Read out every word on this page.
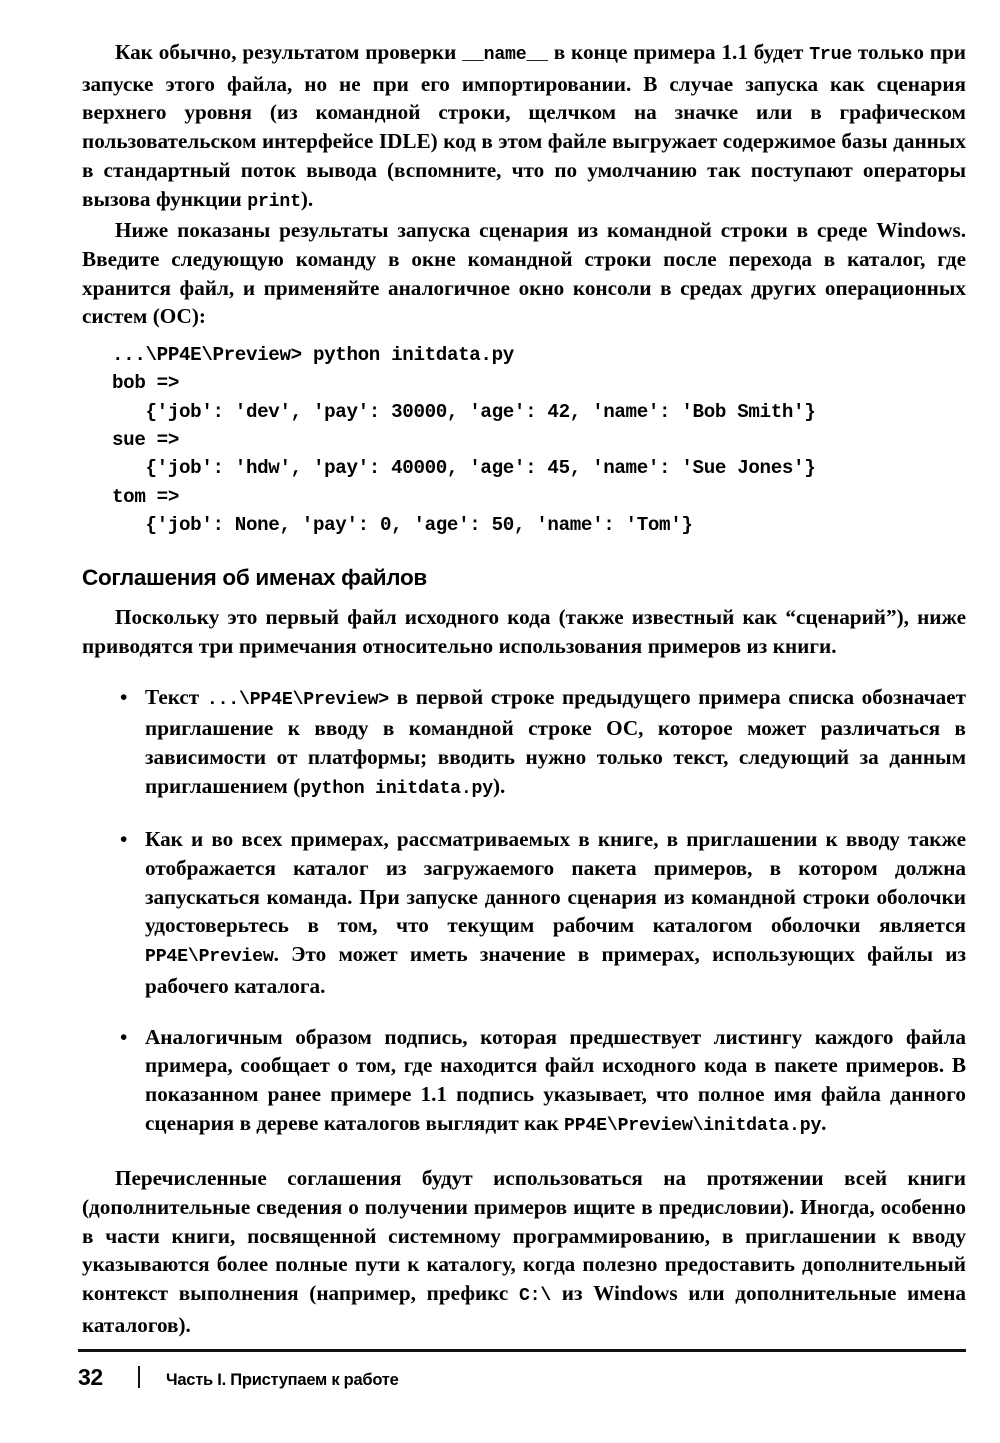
Как обычно, результатом проверки __name__ в конце примера 1.1 будет True только при запуске этого файла, но не при его импортировании. В случае запуска как сценария верхнего уровня (из командной строки, щелчком на значке или в графическом пользовательском интерфейсе IDLE) код в этом файле выгружает содержимое базы данных в стандартный поток вывода (вспомните, что по умолчанию так поступают операторы вызова функции print).

Ниже показаны результаты запуска сценария из командной строки в среде Windows. Введите следующую команду в окне командной строки после перехода в каталог, где хранится файл, и применяйте аналогичное окно консоли в средах других операционных систем (ОС):

...\PP4E\Preview> python initdata.py
bob =>
{'job': 'dev', 'pay': 30000, 'age': 42, 'name': 'Bob Smith'}
sue =>
{'job': 'hdw', 'pay': 40000, 'age': 45, 'name': 'Sue Jones'}
tom =>
{'job': None, 'pay': 0, 'age': 50, 'name': 'Tom'}
Соглашения об именах файлов

Поскольку это первый файл исходного кода (также известный как “сценарий”), ниже приводятся три примечания относительно использования примеров из книги.

• Текст ...\PP4E\Preview> в первой строке предыдущего примера списка обозначает приглашение к вводу в командной строке ОС, которое может различаться в зависимости от платформы; вводить нужно только текст, следующий за данным приглашением (python initdata.py).
• Как и во всех примерах, рассматриваемых в книге, в приглашении к вводу также отображается каталог из загружаемого пакета примеров, в котором должна запускаться команда. При запуске данного сценария из командной строки оболочки удостоверьтесь в том, что текущим рабочим каталогом оболочки является PP4E\Preview. Это может иметь значение в примерах, использующих файлы из рабочего каталога.
• Аналогичным образом подпись, которая предшествует листингу каждого файла примера, сообщает о том, где находится файл исходного кода в пакете примеров. В показанном ранее примере 1.1 подпись указывает, что полное имя файла данного сценария в дереве каталогов выглядит как PP4E\Preview\initdata.py.

Перечисленные соглашения будут использоваться на протяжении всей книги (дополнительные сведения о получении примеров ищите в предисловии). Иногда, особенно в части книги, посвященной системному программированию, в приглашении к вводу указываются более полные пути к каталогу, когда полезно предоставить дополнительный контекст выполнения (например, префикс C:\ из Windows или дополнительные имена каталогов).

32	Часть I. Приступаем к работе
